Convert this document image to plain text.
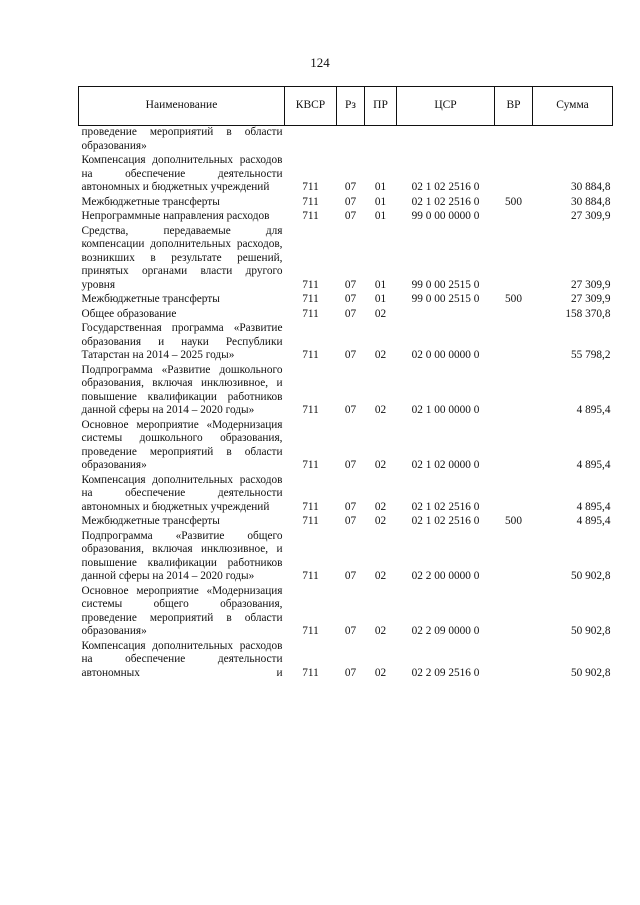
124
Наименование	КВСР	Рз	ПР	ЦСР	ВР	Сумма
проведение мероприятий в области образования»						
Компенсация дополнительных расходов на обеспечение деятельности автономных и бюджетных учреждений	711	07	01	02 1 02 2516 0		30 884,8
Межбюджетные трансферты	711	07	01	02 1 02 2516 0	500	30 884,8
Непрограммные направления расходов	711	07	01	99 0 00 0000 0		27 309,9
Средства, передаваемые для компенсации дополнительных расходов, возникших в результате решений, принятых органами власти другого уровня	711	07	01	99 0 00 2515 0		27 309,9
Межбюджетные трансферты	711	07	01	99 0 00 2515 0	500	27 309,9
Общее образование	711	07	02			158 370,8
Государственная программа «Развитие образования и науки Республики Татарстан на 2014 – 2025 годы»	711	07	02	02 0 00 0000 0		55 798,2
Подпрограмма «Развитие дошкольного образования, включая инклюзивное, и повышение квалификации работников данной сферы на 2014 – 2020 годы»	711	07	02	02 1 00 0000 0		4 895,4
Основное мероприятие «Модернизация системы дошкольного образования, проведение мероприятий в области образования»	711	07	02	02 1 02 0000 0		4 895,4
Компенсация дополнительных расходов на обеспечение деятельности автономных и бюджетных учреждений	711	07	02	02 1 02 2516 0		4 895,4
Межбюджетные трансферты	711	07	02	02 1 02 2516 0	500	4 895,4
Подпрограмма «Развитие общего образования, включая инклюзивное, и повышение квалификации работников данной сферы на 2014 – 2020 годы»	711	07	02	02 2 00 0000 0		50 902,8
Основное мероприятие «Модернизация системы общего образования, проведение мероприятий в области образования»	711	07	02	02 2 09 0000 0		50 902,8
Компенсация дополнительных расходов на обеспечение деятельности автономных и	711	07	02	02 2 09 2516 0		50 902,8
